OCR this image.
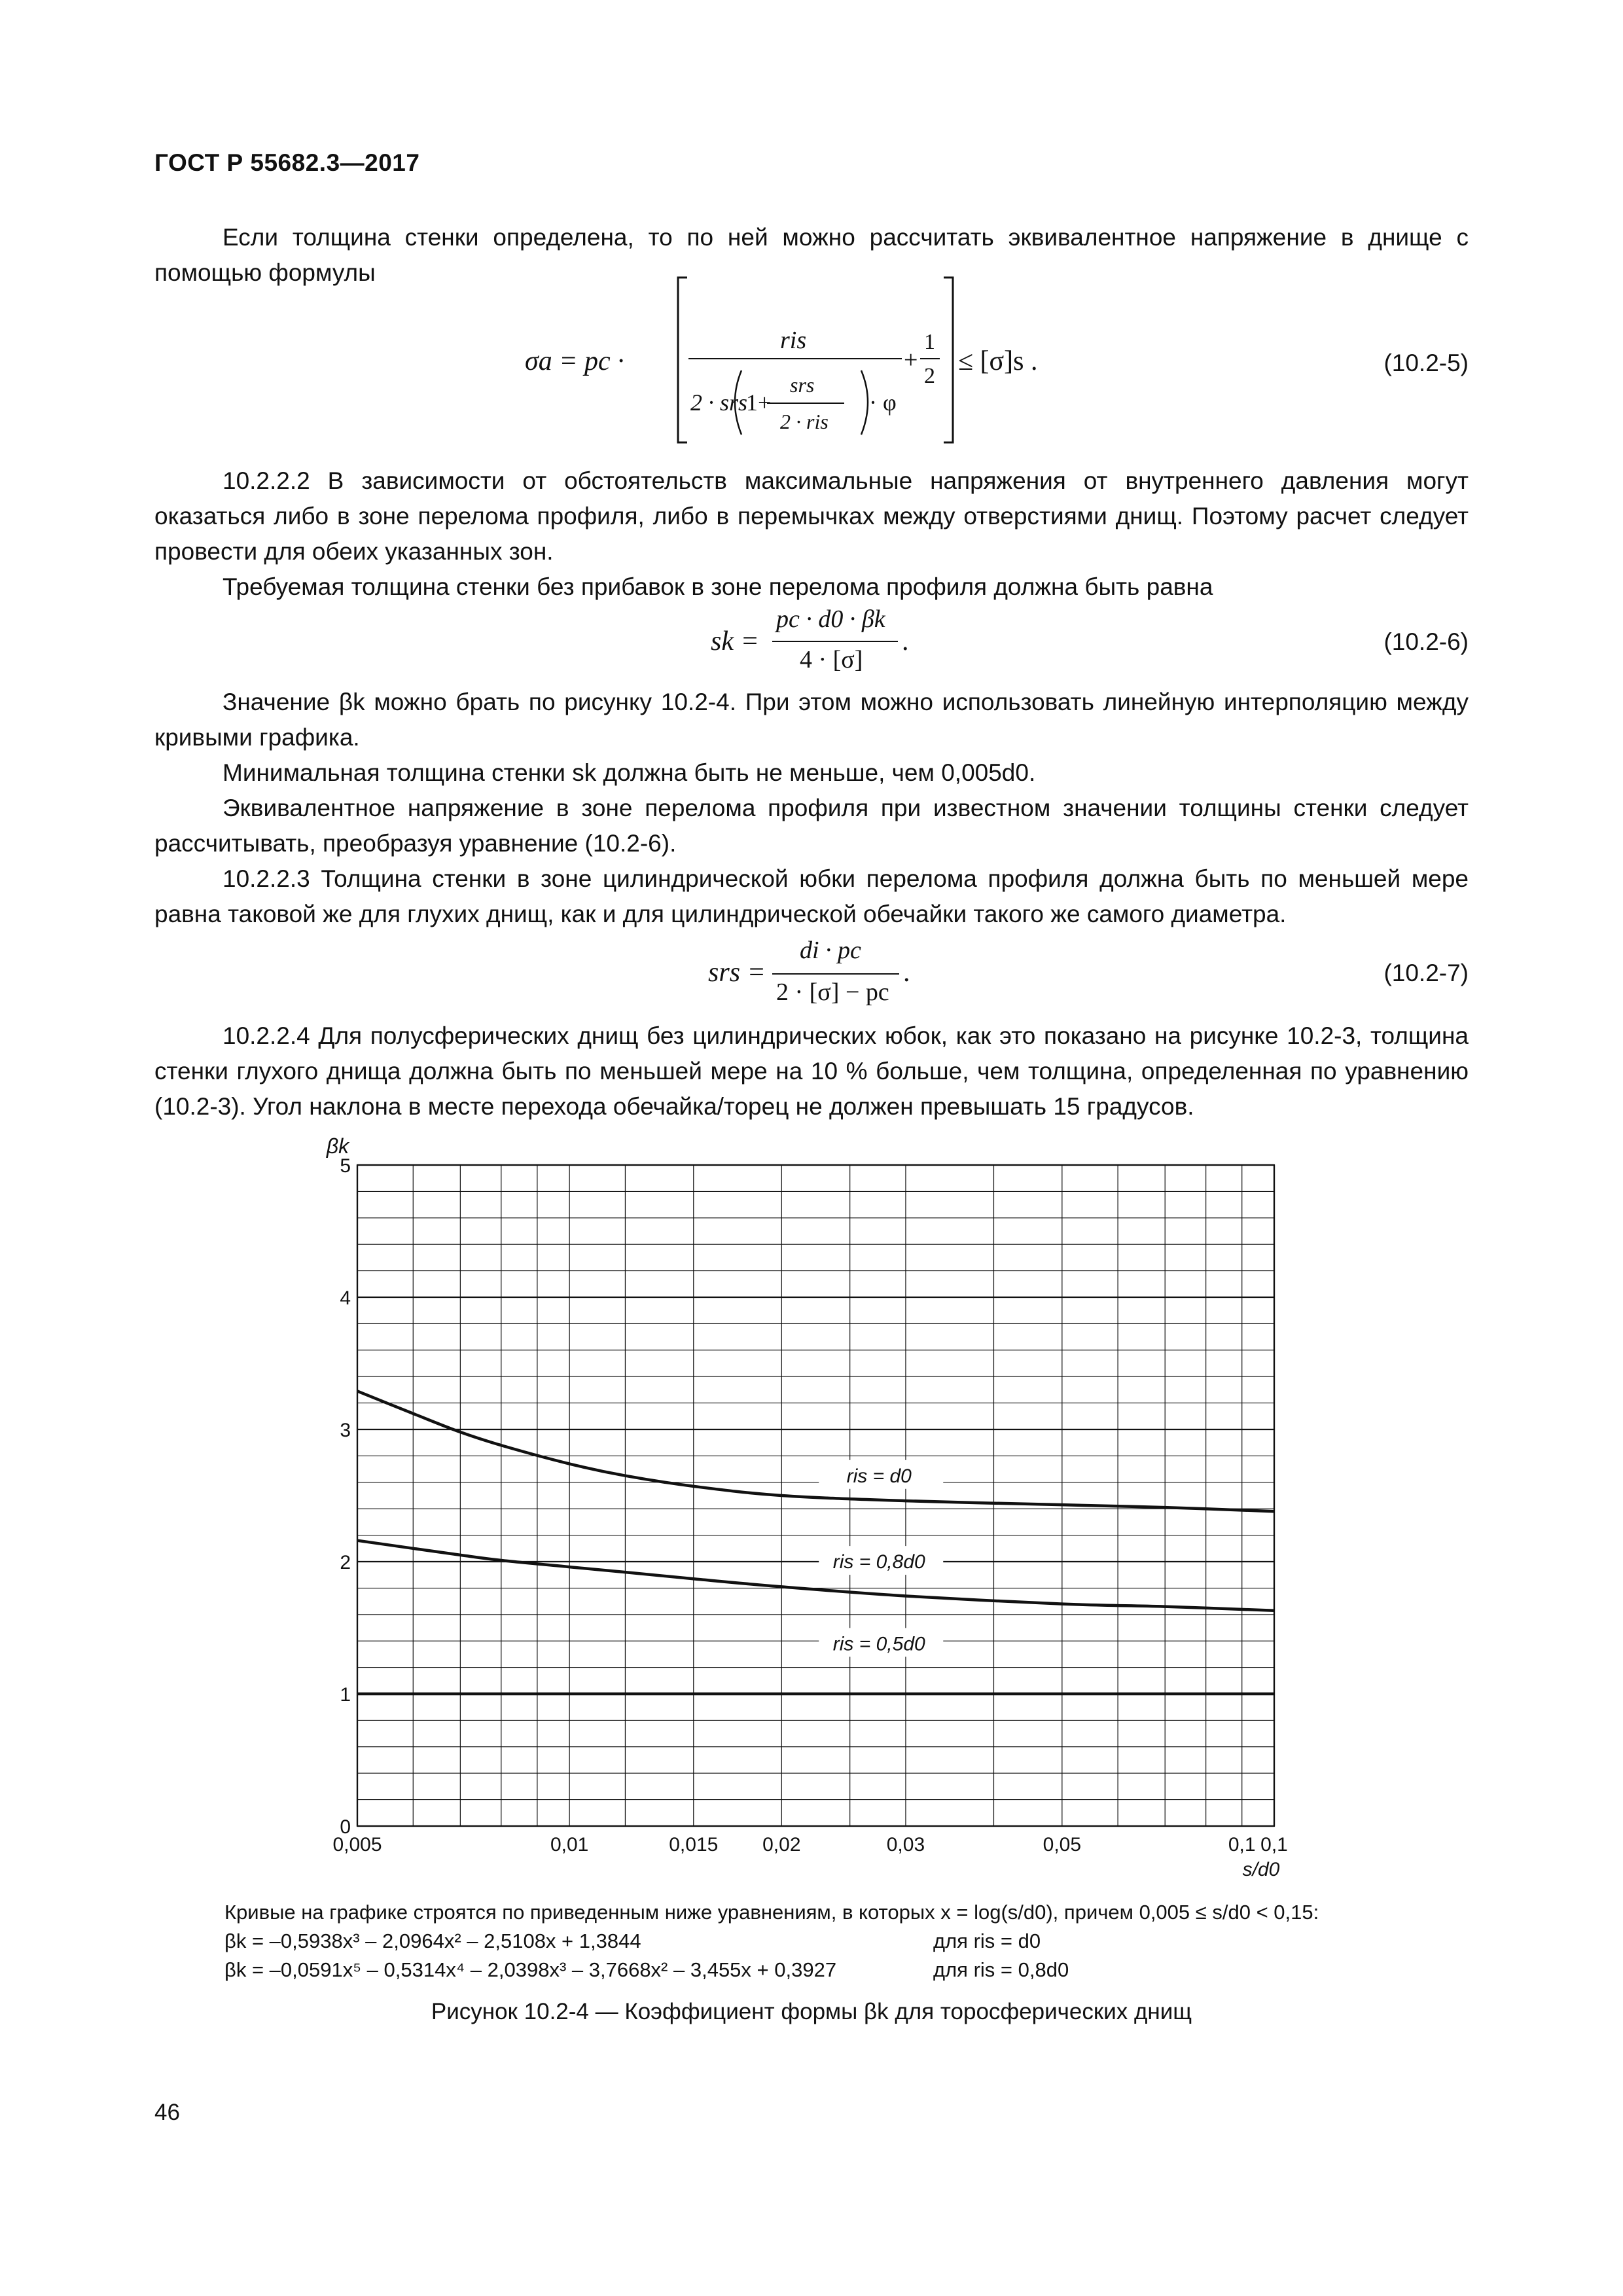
ГОСТ Р 55682.3—2017
Если толщина стенки определена, то по ней можно рассчитать эквивалентное напряжение в днище с помощью формулы
σa = pc ·
ris
2 · srs
1+
srs
2 · ris
· φ
+
1
2 ≤ [σ]s .	(10.2-5)
10.2.2.2 В зависимости от обстоятельств максимальные напряжения от внутреннего давления могут оказаться либо в зоне перелома профиля, либо в перемычках между отверстиями днищ. Поэтому расчет следует провести для обеих указанных зон.
Требуемая толщина стенки без прибавок в зоне перелома профиля должна быть равна
sk =
pc · d0 · βk
4 · [σ]
.	(10.2-6)
Значение βk можно брать по рисунку 10.2-4. При этом можно использовать линейную интерполяцию между кривыми графика.
Минимальная толщина стенки sk должна быть не меньше, чем 0,005d0.
Эквивалентное напряжение в зоне перелома профиля при известном значении толщины стенки следует рассчитывать, преобразуя уравнение (10.2-6).
10.2.2.3 Толщина стенки в зоне цилиндрической юбки перелома профиля должна быть по меньшей мере равна таковой же для глухих днищ, как и для цилиндрической обечайки такого же самого диаметра.
srs =
di · pc
2 · [σ] − pc
.	(10.2-7)
10.2.2.4 Для полусферических днищ без цилиндрических юбок, как это показано на рисунке 10.2-3, толщина стенки глухого днища должна быть по меньшей мере на 10 % больше, чем толщина, определенная по уравнению (10.2-3). Угол наклона в месте перехода обечайка/торец не должен превышать 15 градусов.
0
1
2
3
4
5
0,005	0,01	0,015 0,02	0,03	0,05	0,1 0,1
βk
s/d0
ris = d0
ris = 0,8d0
ris = 0,5d0
Кривые на графике строятся по приведенным ниже уравнениям, в которых x = log(s/d0), причем 0,005 ≤ s/d0 < 0,15:
βk = –0,5938x³ – 2,0964x² – 2,5108x + 1,3844	для ris = d0
βk = –0,0591x⁵ – 0,5314x⁴ – 2,0398x³ – 3,7668x² – 3,455x + 0,3927	для ris = 0,8d0
Рисунок 10.2-4 — Коэффициент формы βk для торосферических днищ
46
